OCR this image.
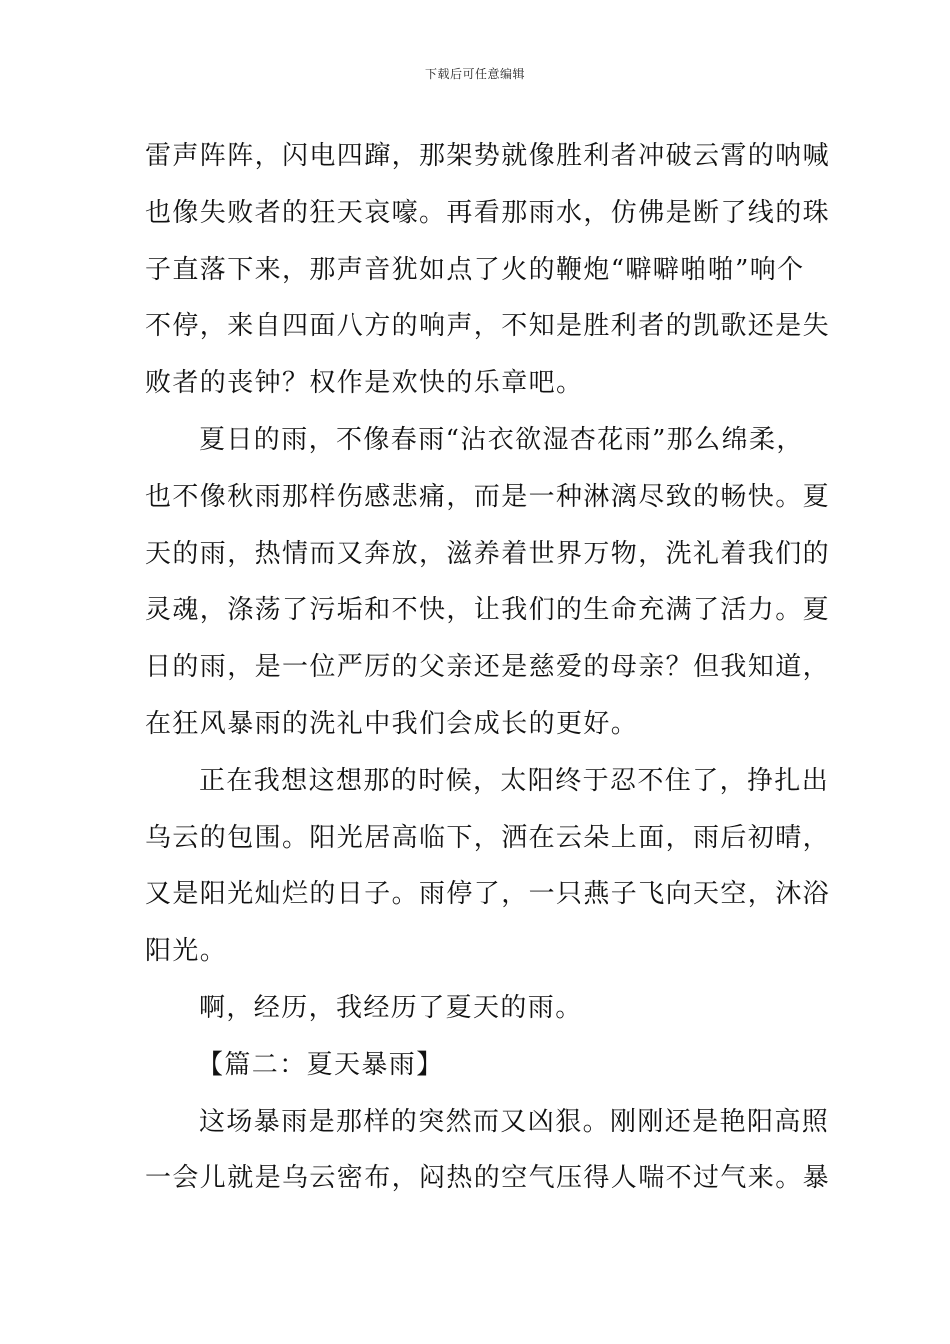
下载后可任意编辑
雷声阵阵，闪电四蹿，那架势就像胜利者冲破云霄的呐喊
也像失败者的狂天哀嚎。再看那雨水，仿佛是断了线的珠
子直落下来，那声音犹如点了火的鞭炮“噼噼啪啪”响个
不停，来自四面八方的响声，不知是胜利者的凯歌还是失
败者的丧钟？权作是欢快的乐章吧。
夏日的雨，不像春雨“沾衣欲湿杏花雨”那么绵柔，
也不像秋雨那样伤感悲痛，而是一种淋漓尽致的畅快。夏
天的雨，热情而又奔放，滋养着世界万物，洗礼着我们的
灵魂，涤荡了污垢和不快，让我们的生命充满了活力。夏
日的雨，是一位严厉的父亲还是慈爱的母亲？但我知道，
在狂风暴雨的洗礼中我们会成长的更好。
正在我想这想那的时候，太阳终于忍不住了，挣扎出
乌云的包围。阳光居高临下，洒在云朵上面，雨后初晴，
又是阳光灿烂的日子。雨停了，一只燕子飞向天空，沐浴
阳光。
啊，经历，我经历了夏天的雨。
【篇二：夏天暴雨】
这场暴雨是那样的突然而又凶狠。刚刚还是艳阳高照
一会儿就是乌云密布，闷热的空气压得人喘不过气来。暴
